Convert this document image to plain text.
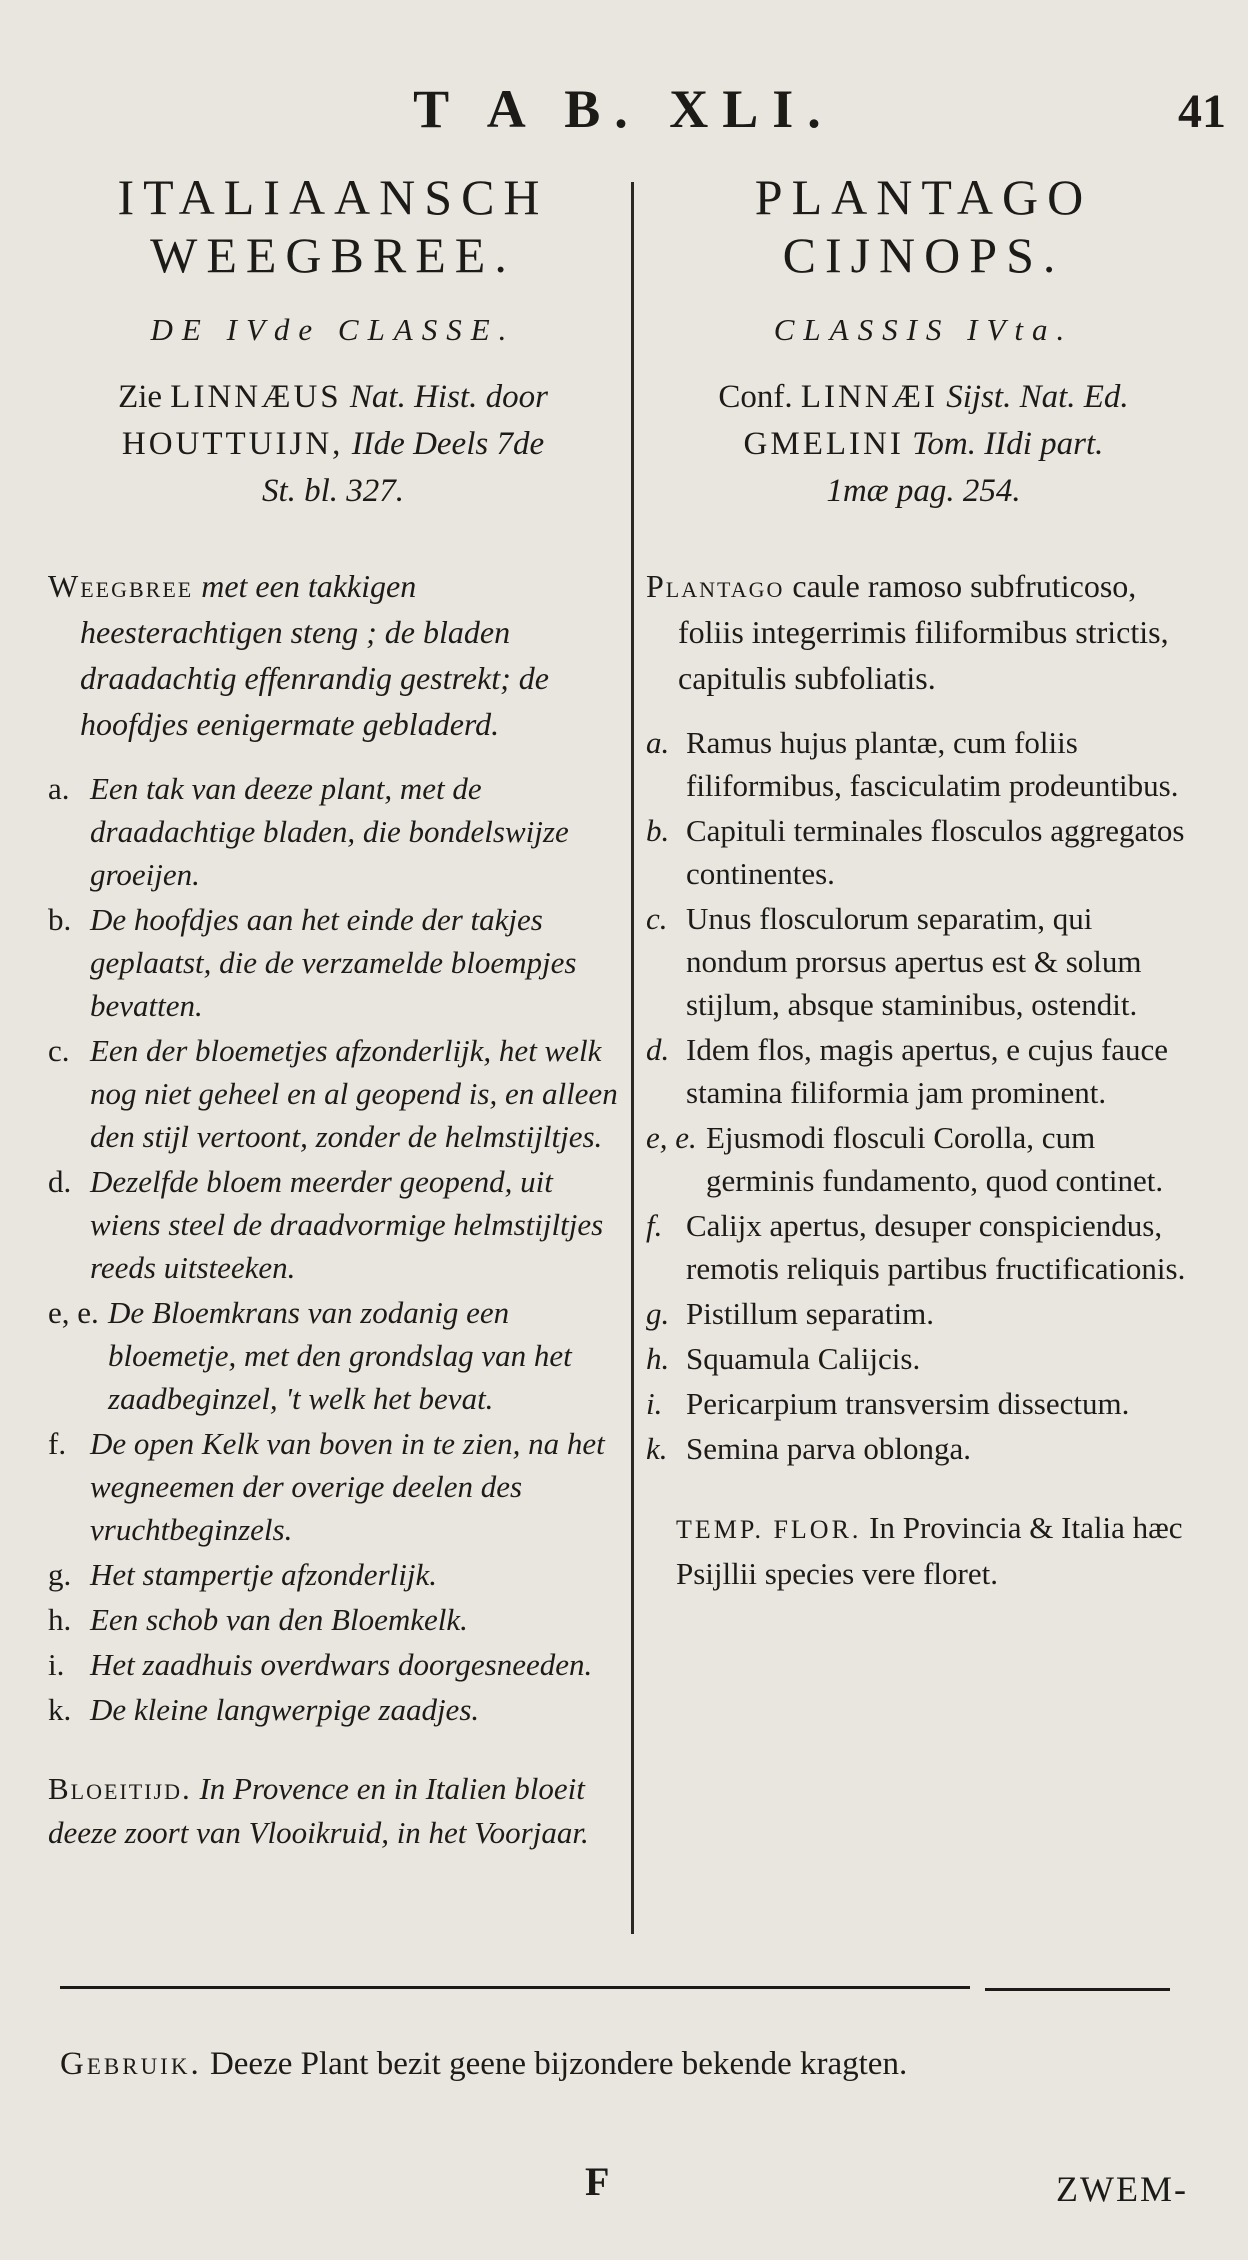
T A B. XLI.	41
ITALIAANSCH
WEEGBREE.
DE IVde CLASSE.
Zie LINNÆUS Nat. Hist. door
HOUTTUIJN, IIde Deels 7de
St. bl. 327.
Weegbree met een takkigen heesterachtigen steng ; de bladen draadachtig effenrandig gestrekt; de hoofdjes eenigermate gebladerd.
a. Een tak van deeze plant, met de draadachtige bladen, die bondelswijze groeijen.
b. De hoofdjes aan het einde der takjes geplaatst, die de verzamelde bloempjes bevatten.
c. Een der bloemetjes afzonderlijk, het welk nog niet geheel en al geopend is, en alleen den stijl vertoont, zonder de helmstijltjes.
d. Dezelfde bloem meerder geopend, uit wiens steel de draadvormige helmstijltjes reeds uitsteeken.
e, e. De Bloemkrans van zodanig een bloemetje, met den grondslag van het zaadbeginzel, 't welk het bevat.
f. De open Kelk van boven in te zien, na het wegneemen der overige deelen des vruchtbeginzels.
g. Het stampertje afzonderlijk.
h. Een schob van den Bloemkelk.
i. Het zaadhuis overdwars doorgesneeden.
k. De kleine langwerpige zaadjes.
Bloeitijd. In Provence en in Italien bloeit deeze zoort van Vlooikruid, in het Voorjaar.
PLANTAGO
CIJNOPS.
CLASSIS IVta.
Conf. LINNÆI Sijst. Nat. Ed.
GMELINI Tom. IIdi part.
1mæ pag. 254.
Plantago caule ramoso subfruticoso, foliis integerrimis filiformibus strictis, capitulis subfoliatis.
a. Ramus hujus plantæ, cum foliis filiformibus, fasciculatim prodeuntibus.
b. Capituli terminales flosculos aggregatos continentes.
c. Unus flosculorum separatim, qui nondum prorsus apertus est & solum stijlum, absque staminibus, ostendit.
d. Idem flos, magis apertus, e cujus fauce stamina filiformia jam prominent.
e, e. Ejusmodi flosculi Corolla, cum germinis fundamento, quod continet.
f. Calijx apertus, desuper conspiciendus, remotis reliquis partibus fructificationis.
g. Pistillum separatim.
h. Squamula Calijcis.
i. Pericarpium transversim dissectum.
k. Semina parva oblonga.
TEMP. FLOR. In Provincia & Italia hæc Psijllii species vere floret.
Gebruik. Deeze Plant bezit geene bijzondere bekende kragten.
F	ZWEM-
